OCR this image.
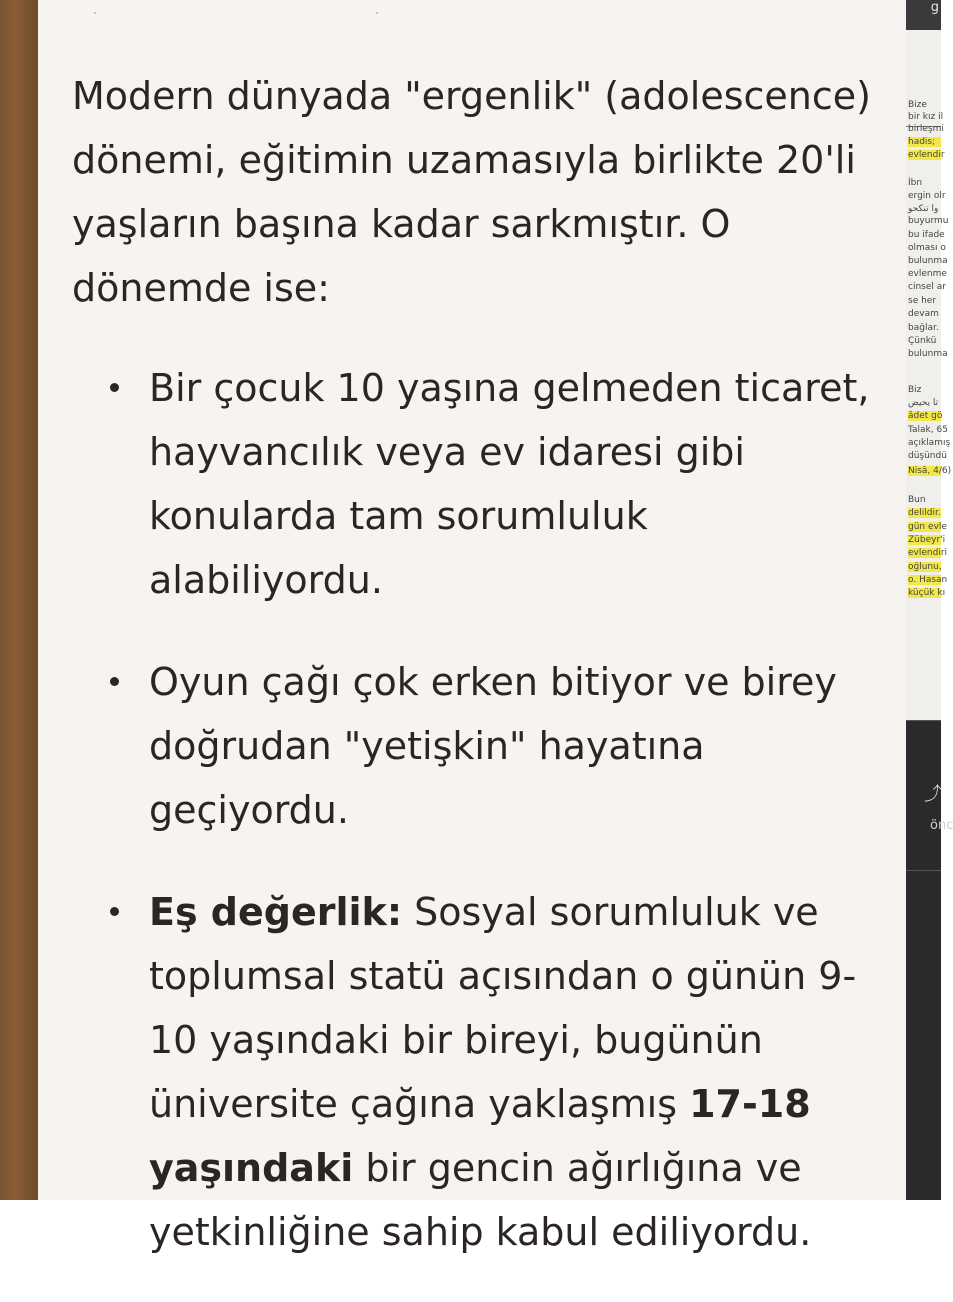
Modern dünyada "ergenlik" (adolescence) dönemi, eğitimin uzamasıyla birlikte 20'li yaşların başına kadar sarkmıştır. O dönemde ise:

Bir çocuk 10 yaşına gelmeden ticaret, hayvancılık veya ev idaresi gibi konularda tam sorumluluk alabiliyordu.
Oyun çağı çok erken bitiyor ve birey doğrudan "yetişkin" hayatına geçiyordu.
Eş değerlik: Sosyal sorumluluk ve toplumsal statü açısından o günün 9-10 yaşındaki bir bireyi, bugünün üniversite çağına yaklaşmış 17-18 yaşındaki bir gencin ağırlığına ve yetkinliğine sahip kabul ediliyordu.
g
Bize
bir kız il
birleşmi
hadis;
evlendir
İbn
ergin olr
ﻭﺍ ﺗﻨﻜﺤﻮ
buyurmu
bu ifade
olması o
bulunma
evlenme
cinsel ar
se her
devam
bağlar.
Çünkü
bulunma
Biz
ﺗﺎ ﻳﺤﻴﺾ
âdet gö
Talak, 65
açıklamış
düşündü
Nisâ, 4/6)
Bun
delildir.
gün evle
Zübeyr'i
evlendiri
oğlunu,
o. Hasan
küçük kı
⤴
önc
